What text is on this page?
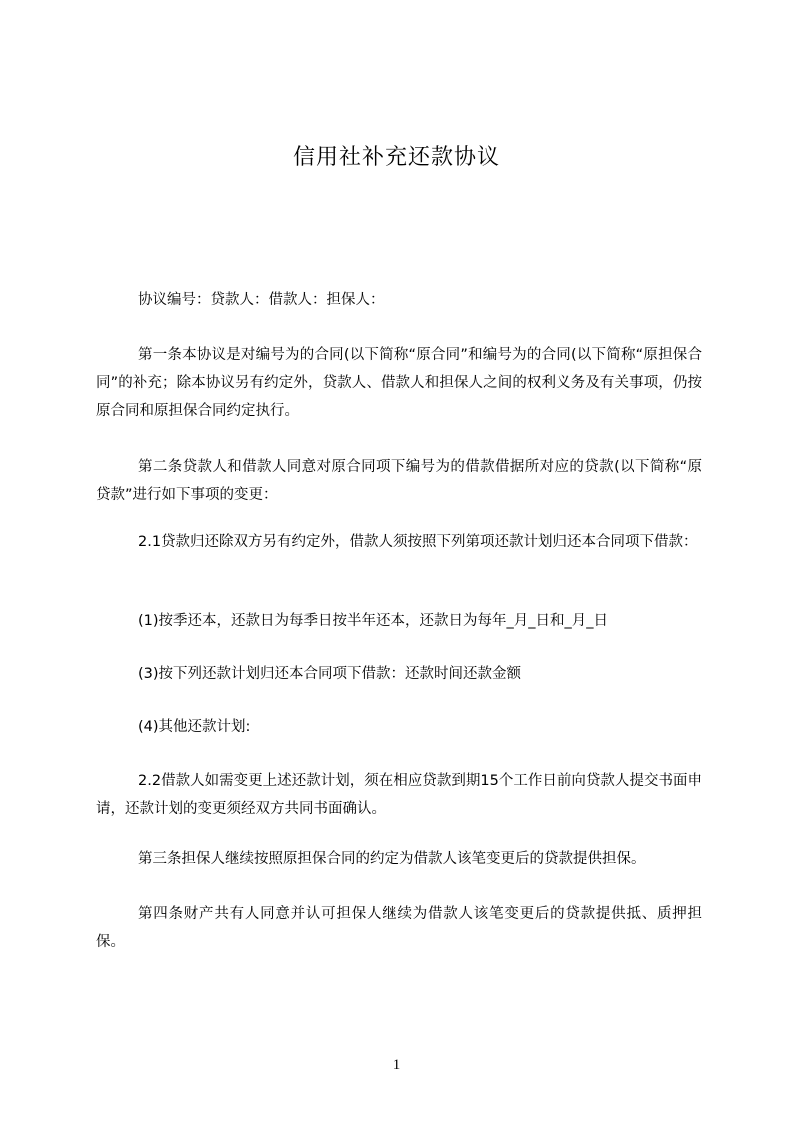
信用社补充还款协议

协议编号：贷款人：借款人：担保人：

第一条本协议是对编号为的合同(以下简称“原合同”和编号为的合同(以下简称“原担保合同”的补充；除本协议另有约定外，贷款人、借款人和担保人之间的权利义务及有关事项，仍按原合同和原担保合同约定执行。

第二条贷款人和借款人同意对原合同项下编号为的借款借据所对应的贷款(以下简称“原贷款”进行如下事项的变更：

2.1贷款归还除双方另有约定外，借款人须按照下列第项还款计划归还本合同项下借款：

(1)按季还本，还款日为每季日按半年还本，还款日为每年_月_日和_月_日

(3)按下列还款计划归还本合同项下借款：还款时间还款金额

(4)其他还款计划:

2.2借款人如需变更上述还款计划，须在相应贷款到期15个工作日前向贷款人提交书面申请，还款计划的变更须经双方共同书面确认。

第三条担保人继续按照原担保合同的约定为借款人该笔变更后的贷款提供担保。

第四条财产共有人同意并认可担保人继续为借款人该笔变更后的贷款提供抵、质押担保。

1
